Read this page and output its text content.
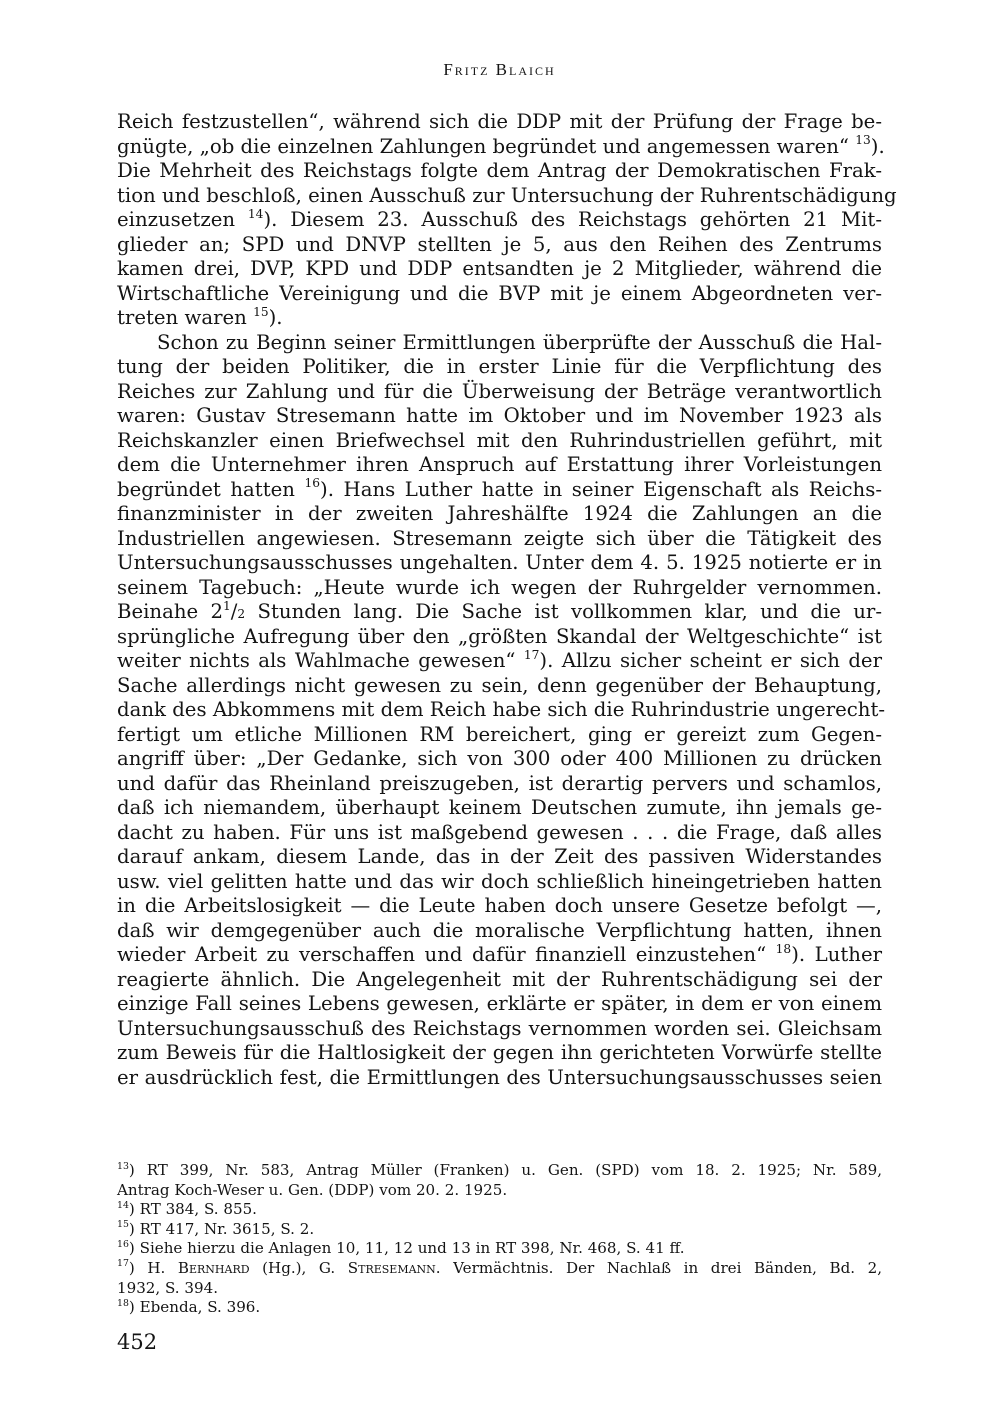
Fritz Blaich
Reich festzustellen“, während sich die DDP mit der Prüfung der Frage be-
gnügte, „ob die einzelnen Zahlungen begründet und angemessen waren“ $^{13}$).
Die Mehrheit des Reichstags folgte dem Antrag der Demokratischen Frak-
tion und beschloß, einen Ausschuß zur Untersuchung der Ruhrentschädigung
einzusetzen $^{14}$). Diesem 23. Ausschuß des Reichstags gehörten 21 Mit-
glieder an; SPD und DNVP stellten je 5, aus den Reihen des Zentrums
kamen drei, DVP, KPD und DDP entsandten je 2 Mitglieder, während die
Wirtschaftliche Vereinigung und die BVP mit je einem Abgeordneten ver-
treten waren $^{15}$).
Schon zu Beginn seiner Ermittlungen überprüfte der Ausschuß die Hal-
tung der beiden Politiker, die in erster Linie für die Verpflichtung des
Reiches zur Zahlung und für die Überweisung der Beträge verantwortlich
waren: Gustav Stresemann hatte im Oktober und im November 1923 als
Reichskanzler einen Briefwechsel mit den Ruhrindustriellen geführt, mit
dem die Unternehmer ihren Anspruch auf Erstattung ihrer Vorleistungen
begründet hatten $^{16}$). Hans Luther hatte in seiner Eigenschaft als Reichs-
finanzminister in der zweiten Jahreshälfte 1924 die Zahlungen an die
Industriellen angewiesen. Stresemann zeigte sich über die Tätigkeit des
Untersuchungsausschusses ungehalten. Unter dem 4. 5. 1925 notierte er in
seinem Tagebuch: „Heute wurde ich wegen der Ruhrgelder vernommen.
Beinahe $2^1/2$ Stunden lang. Die Sache ist vollkommen klar, und die ur-
sprüngliche Aufregung über den „größten Skandal der Weltgeschichte“ ist
weiter nichts als Wahlmache gewesen“ $^{17}$). Allzu sicher scheint er sich der
Sache allerdings nicht gewesen zu sein, denn gegenüber der Behauptung,
dank des Abkommens mit dem Reich habe sich die Ruhrindustrie ungerecht-
fertigt um etliche Millionen RM bereichert, ging er gereizt zum Gegen-
angriff über: „Der Gedanke, sich von 300 oder 400 Millionen zu drücken
und dafür das Rheinland preiszugeben, ist derartig pervers und schamlos,
daß ich niemandem, überhaupt keinem Deutschen zumute, ihn jemals ge-
dacht zu haben. Für uns ist maßgebend gewesen . . . die Frage, daß alles
darauf ankam, diesem Lande, das in der Zeit des passiven Widerstandes
usw. viel gelitten hatte und das wir doch schließlich hineingetrieben hatten
in die Arbeitslosigkeit — die Leute haben doch unsere Gesetze befolgt —,
daß wir demgegenüber auch die moralische Verpflichtung hatten, ihnen
wieder Arbeit zu verschaffen und dafür finanziell einzustehen“ $^{18}$). Luther
reagierte ähnlich. Die Angelegenheit mit der Ruhrentschädigung sei der
einzige Fall seines Lebens gewesen, erklärte er später, in dem er von einem
Untersuchungsausschuß des Reichstags vernommen worden sei. Gleichsam
zum Beweis für die Haltlosigkeit der gegen ihn gerichteten Vorwürfe stellte
er ausdrücklich fest, die Ermittlungen des Untersuchungsausschusses seien
$^{13}$) RT 399, Nr. 583, Antrag Müller (Franken) u. Gen. (SPD) vom 18. 2. 1925; Nr. 589,
Antrag Koch-Weser u. Gen. (DDP) vom 20. 2. 1925.
$^{14}$) RT 384, S. 855.
$^{15}$) RT 417, Nr. 3615, S. 2.
$^{16}$) Siehe hierzu die Anlagen 10, 11, 12 und 13 in RT 398, Nr. 468, S. 41 ff.
$^{17}$) H. Bernhard (Hg.), G. Stresemann. Vermächtnis. Der Nachlaß in drei Bänden, Bd. 2,
1932, S. 394.
$^{18}$) Ebenda, S. 396.
452
